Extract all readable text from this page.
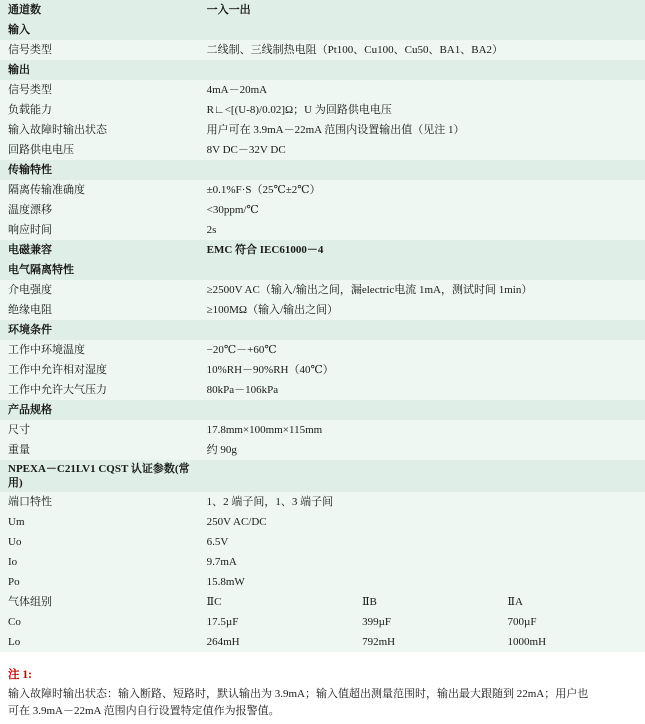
通道数	一入一出		
输入			
信号类型	二线制、三线制热电阻（Pt100、Cu100、Cu50、BA1、BA2）		
输出			
信号类型	4mA－20mA		
负载能力	R∟<[(U-8)/0.02]Ω；U 为回路供电电压		
输入故障时输出状态	用户可在 3.9mA－22mA 范围内设置输出值（见注 1）		
回路供电电压	8V DC－32V DC		
传输特性			
隔离传输准确度	±0.1%F·S（25℃±2℃）		
温度漂移	<30ppm/℃		
响应时间	2s		
电磁兼容	EMC 符合 IEC61000－4		
电气隔离特性			
介电强度	≥2500V AC（输入/输出之间，漏electric电流 1mA，测试时间 1min）		
绝缘电阻	≥100MΩ（输入/输出之间）		
环境条件			
工作中环境温度	−20℃－+60℃		
工作中允许相对湿度	10%RH－90%RH（40℃）		
工作中允许大气压力	80kPa－106kPa		
产品规格			
尺寸	17.8mm×100mm×115mm		
重量	约 90g		
NPEXA－C21LV1 CQST 认证参数(常用)			
端口特性	1、2 端子间，1、3 端子间		
Um	250V AC/DC		
Uo	6.5V		
Io	9.7mA		
Po	15.8mW		
气体组别	ⅡC	ⅡB	ⅡA
Co	17.5µF	399µF	700µF
Lo	264mH	792mH	1000mH
注 1:
输入故障时输出状态：输入断路、短路时，默认输出为 3.9mA；输入值超出测量范围时，输出最大跟随到 22mA；用户也
可在 3.9mA－22mA 范围内自行设置特定值作为报警值。
